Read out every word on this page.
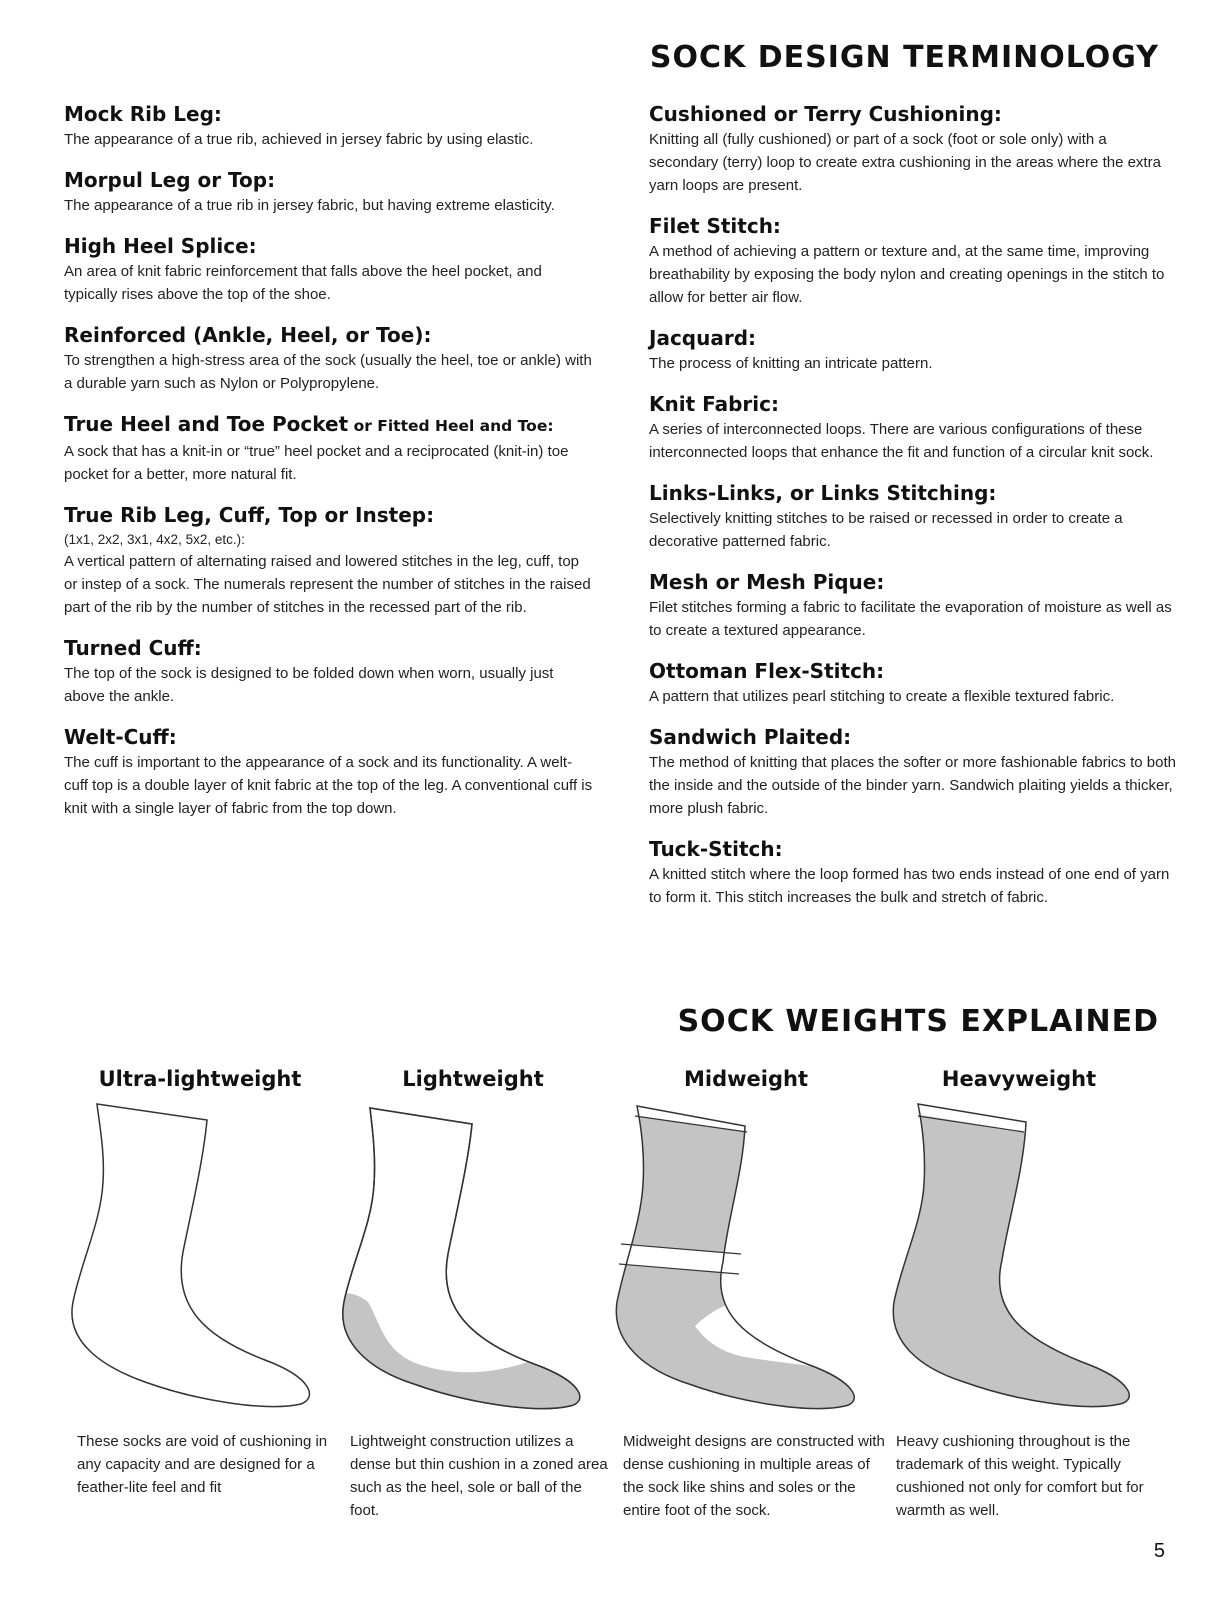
SOCK DESIGN TERMINOLOGY
Mock Rib Leg:
The appearance of a true rib, achieved in jersey fabric by using elastic.
Morpul Leg or Top:
The appearance of a true rib in jersey fabric, but having extreme elasticity.
High Heel Splice:
An area of knit fabric reinforcement that falls above the heel pocket, and typically rises above the top of the shoe.
Reinforced (Ankle, Heel, or Toe):
To strengthen a high-stress area of the sock (usually the heel, toe or ankle) with a durable yarn such as Nylon or Polypropylene.
True Heel and Toe Pocket or Fitted Heel and Toe:
A sock that has a knit-in or “true” heel pocket and a reciprocated (knit-in) toe pocket for a better, more natural fit.
True Rib Leg, Cuff, Top or Instep:
(1x1, 2x2, 3x1, 4x2, 5x2, etc.):
A vertical pattern of alternating raised and lowered stitches in the leg, cuff, top or instep of a sock. The numerals represent the number of stitches in the raised part of the rib by the number of stitches in the recessed part of the rib.
Turned Cuff:
The top of the sock is designed to be folded down when worn, usually just above the ankle.
Welt-Cuff:
The cuff is important to the appearance of a sock and its functionality. A welt-cuff top is a double layer of knit fabric at the top of the leg. A conventional cuff is knit with a single layer of fabric from the top down.
Cushioned or Terry Cushioning:
Knitting all (fully cushioned) or part of a sock (foot or sole only) with a secondary (terry) loop to create extra cushioning in the areas where the extra yarn loops are present.
Filet Stitch:
A method of achieving a pattern or texture and, at the same time, improving breathability by exposing the body nylon and creating openings in the stitch to allow for better air flow.
Jacquard:
The process of knitting an intricate pattern.
Knit Fabric:
A series of interconnected loops. There are various configurations of these interconnected loops that enhance the fit and function of a circular knit sock.
Links-Links, or Links Stitching:
Selectively knitting stitches to be raised or recessed in order to create a decorative patterned fabric.
Mesh or Mesh Pique:
Filet stitches forming a fabric to facilitate the evaporation of moisture as well as to create a textured appearance.
Ottoman Flex-Stitch:
A pattern that utilizes pearl stitching to create a flexible textured fabric.
Sandwich Plaited:
The method of knitting that places the softer or more fashionable fabrics to both the inside and the outside of the binder yarn. Sandwich plaiting yields a thicker, more plush fabric.
Tuck-Stitch:
A knitted stitch where the loop formed has two ends instead of one end of yarn to form it. This stitch increases the bulk and stretch of fabric.
SOCK WEIGHTS EXPLAINED
Ultra-lightweight
These socks are void of cushioning in any capacity and are designed for a feather-lite feel and fit
Lightweight
Lightweight construction utilizes a dense but thin cushion in a zoned area such as the heel, sole or ball of the foot.
Midweight
Midweight designs are constructed with dense cushioning in multiple areas of the sock like shins and soles or the entire foot of the sock.
Heavyweight
Heavy cushioning throughout is the trademark of this weight. Typically cushioned not only for comfort but for warmth as well.
5
